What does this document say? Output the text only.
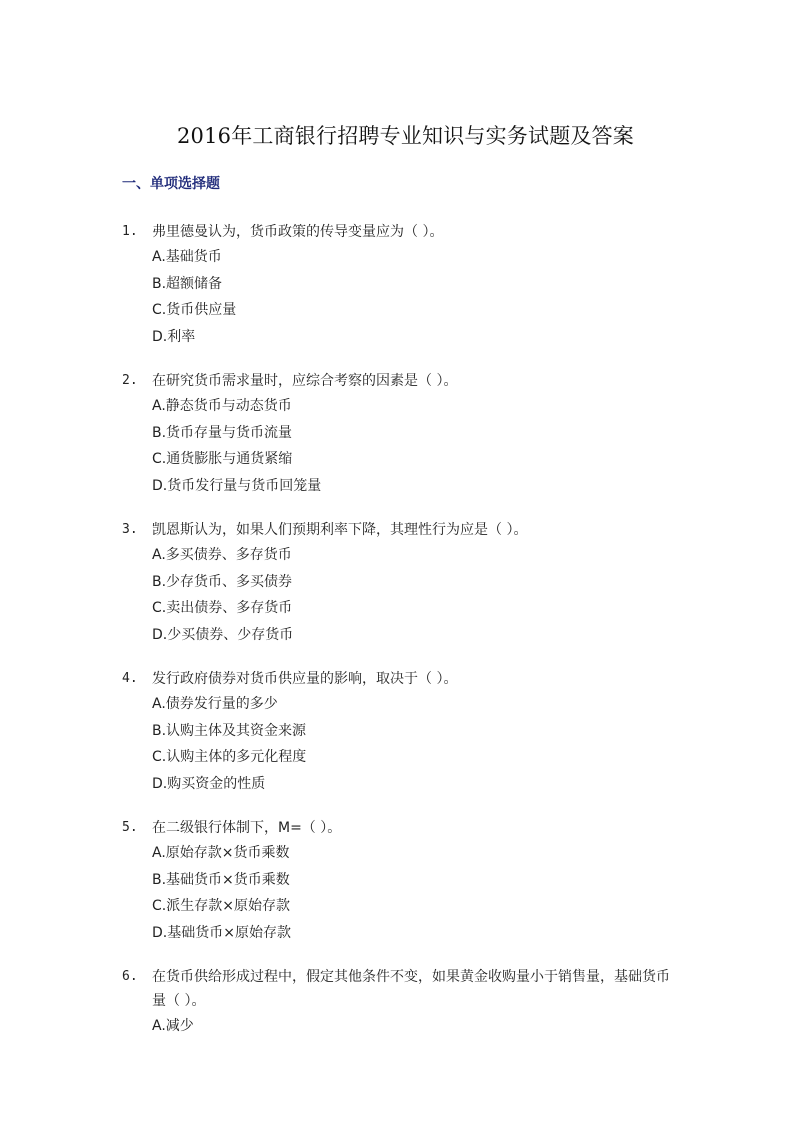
2016年工商银行招聘专业知识与实务试题及答案
一、单项选择题
1. 弗里德曼认为，货币政策的传导变量应为（ ）。
A.基础货币
B.超额储备
C.货币供应量
D.利率
2. 在研究货币需求量时，应综合考察的因素是（ ）。
A.静态货币与动态货币
B.货币存量与货币流量
C.通货膨胀与通货紧缩
D.货币发行量与货币回笼量
3. 凯恩斯认为，如果人们预期利率下降，其理性行为应是（ ）。
A.多买债券、多存货币
B.少存货币、多买债券
C.卖出债券、多存货币
D.少买债券、少存货币
4. 发行政府债券对货币供应量的影响，取决于（ ）。
A.债券发行量的多少
B.认购主体及其资金来源
C.认购主体的多元化程度
D.购买资金的性质
5. 在二级银行体制下，M=（ ）。
A.原始存款×货币乘数
B.基础货币×货币乘数
C.派生存款×原始存款
D.基础货币×原始存款
6. 在货币供给形成过程中，假定其他条件不变，如果黄金收购量小于销售量，基础货币量（ ）。
A.减少
